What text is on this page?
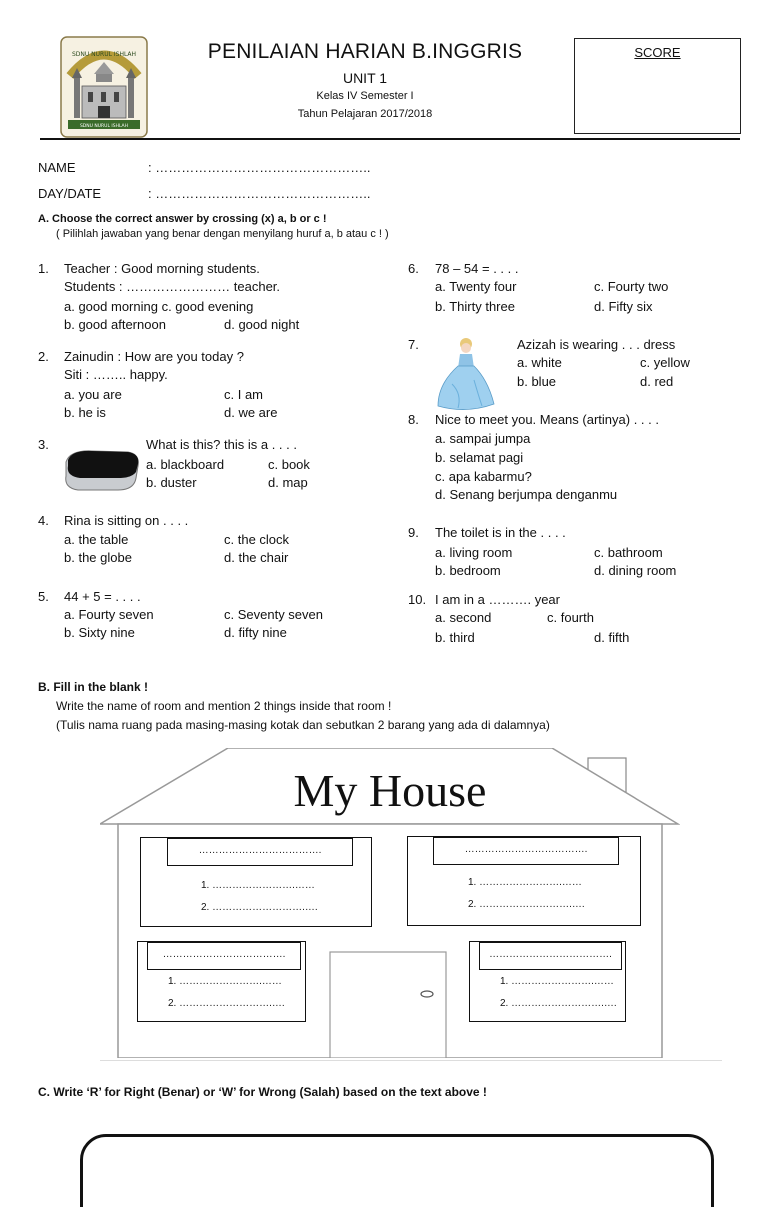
SDNU NURUL ISHLAH
SDNU NURUL ISHLAH
PENILAIAN HARIAN B.INGGRIS
UNIT 1
Kelas IV Semester I
Tahun Pelajaran 2017/2018
SCORE
NAME	: …………………………………………..
DAY/DATE	: …………………………………………..
A. Choose the correct answer by crossing (x) a, b or c !
( Pilihlah jawaban yang benar dengan menyilang huruf a, b atau c ! )
1. Teacher : Good morning students.
Students : …………………… teacher.
a. good morning c. good evening
b. good afternoon	d. good night
2. Zainudin : How are you today ?
Siti : …….. happy.
a. you are	c. I am
b. he is	d. we are
3.	What is this? this is a . . . .
a. blackboard	c. book
b. duster	d. map
4. Rina is sitting on . . . .
a. the table	c. the clock
b. the globe	d. the chair
5. 44 + 5 = . . . .
a. Fourty seven	c. Seventy seven
b. Sixty nine	d. fifty nine
6. 78 – 54 = . . . .
a. Twenty four	c. Fourty two
b. Thirty three	d. Fifty six
7.	Azizah is wearing . . . dress
a. white	c. yellow
b. blue	d. red
8. Nice to meet you. Means (artinya) . . . .
a. sampai jumpa
b. selamat pagi
c. apa kabarmu?
d. Senang berjumpa denganmu
9. The toilet is in the . . . .
a. living room	c. bathroom
b. bedroom	d. dining room
10. I am in a ………. year
a. second	c. fourth
b. third	d. fifth
B. Fill in the blank !
Write the name of room and mention 2 things inside that room !
(Tulis nama ruang pada masing-masing kotak dan sebutkan 2 barang yang ada di dalamnya)
My House
……………………………….
1. …………………….……
2. ……………………….….
……………………………….
1. …………………….……
2. ……………………….….
……………………………….
1. …………………….……
2. ……………………….….
……………………………….
1. …………………….……
2. ……………………….….
C. Write ‘R’ for Right (Benar) or ‘W’ for Wrong (Salah) based on the text above !
